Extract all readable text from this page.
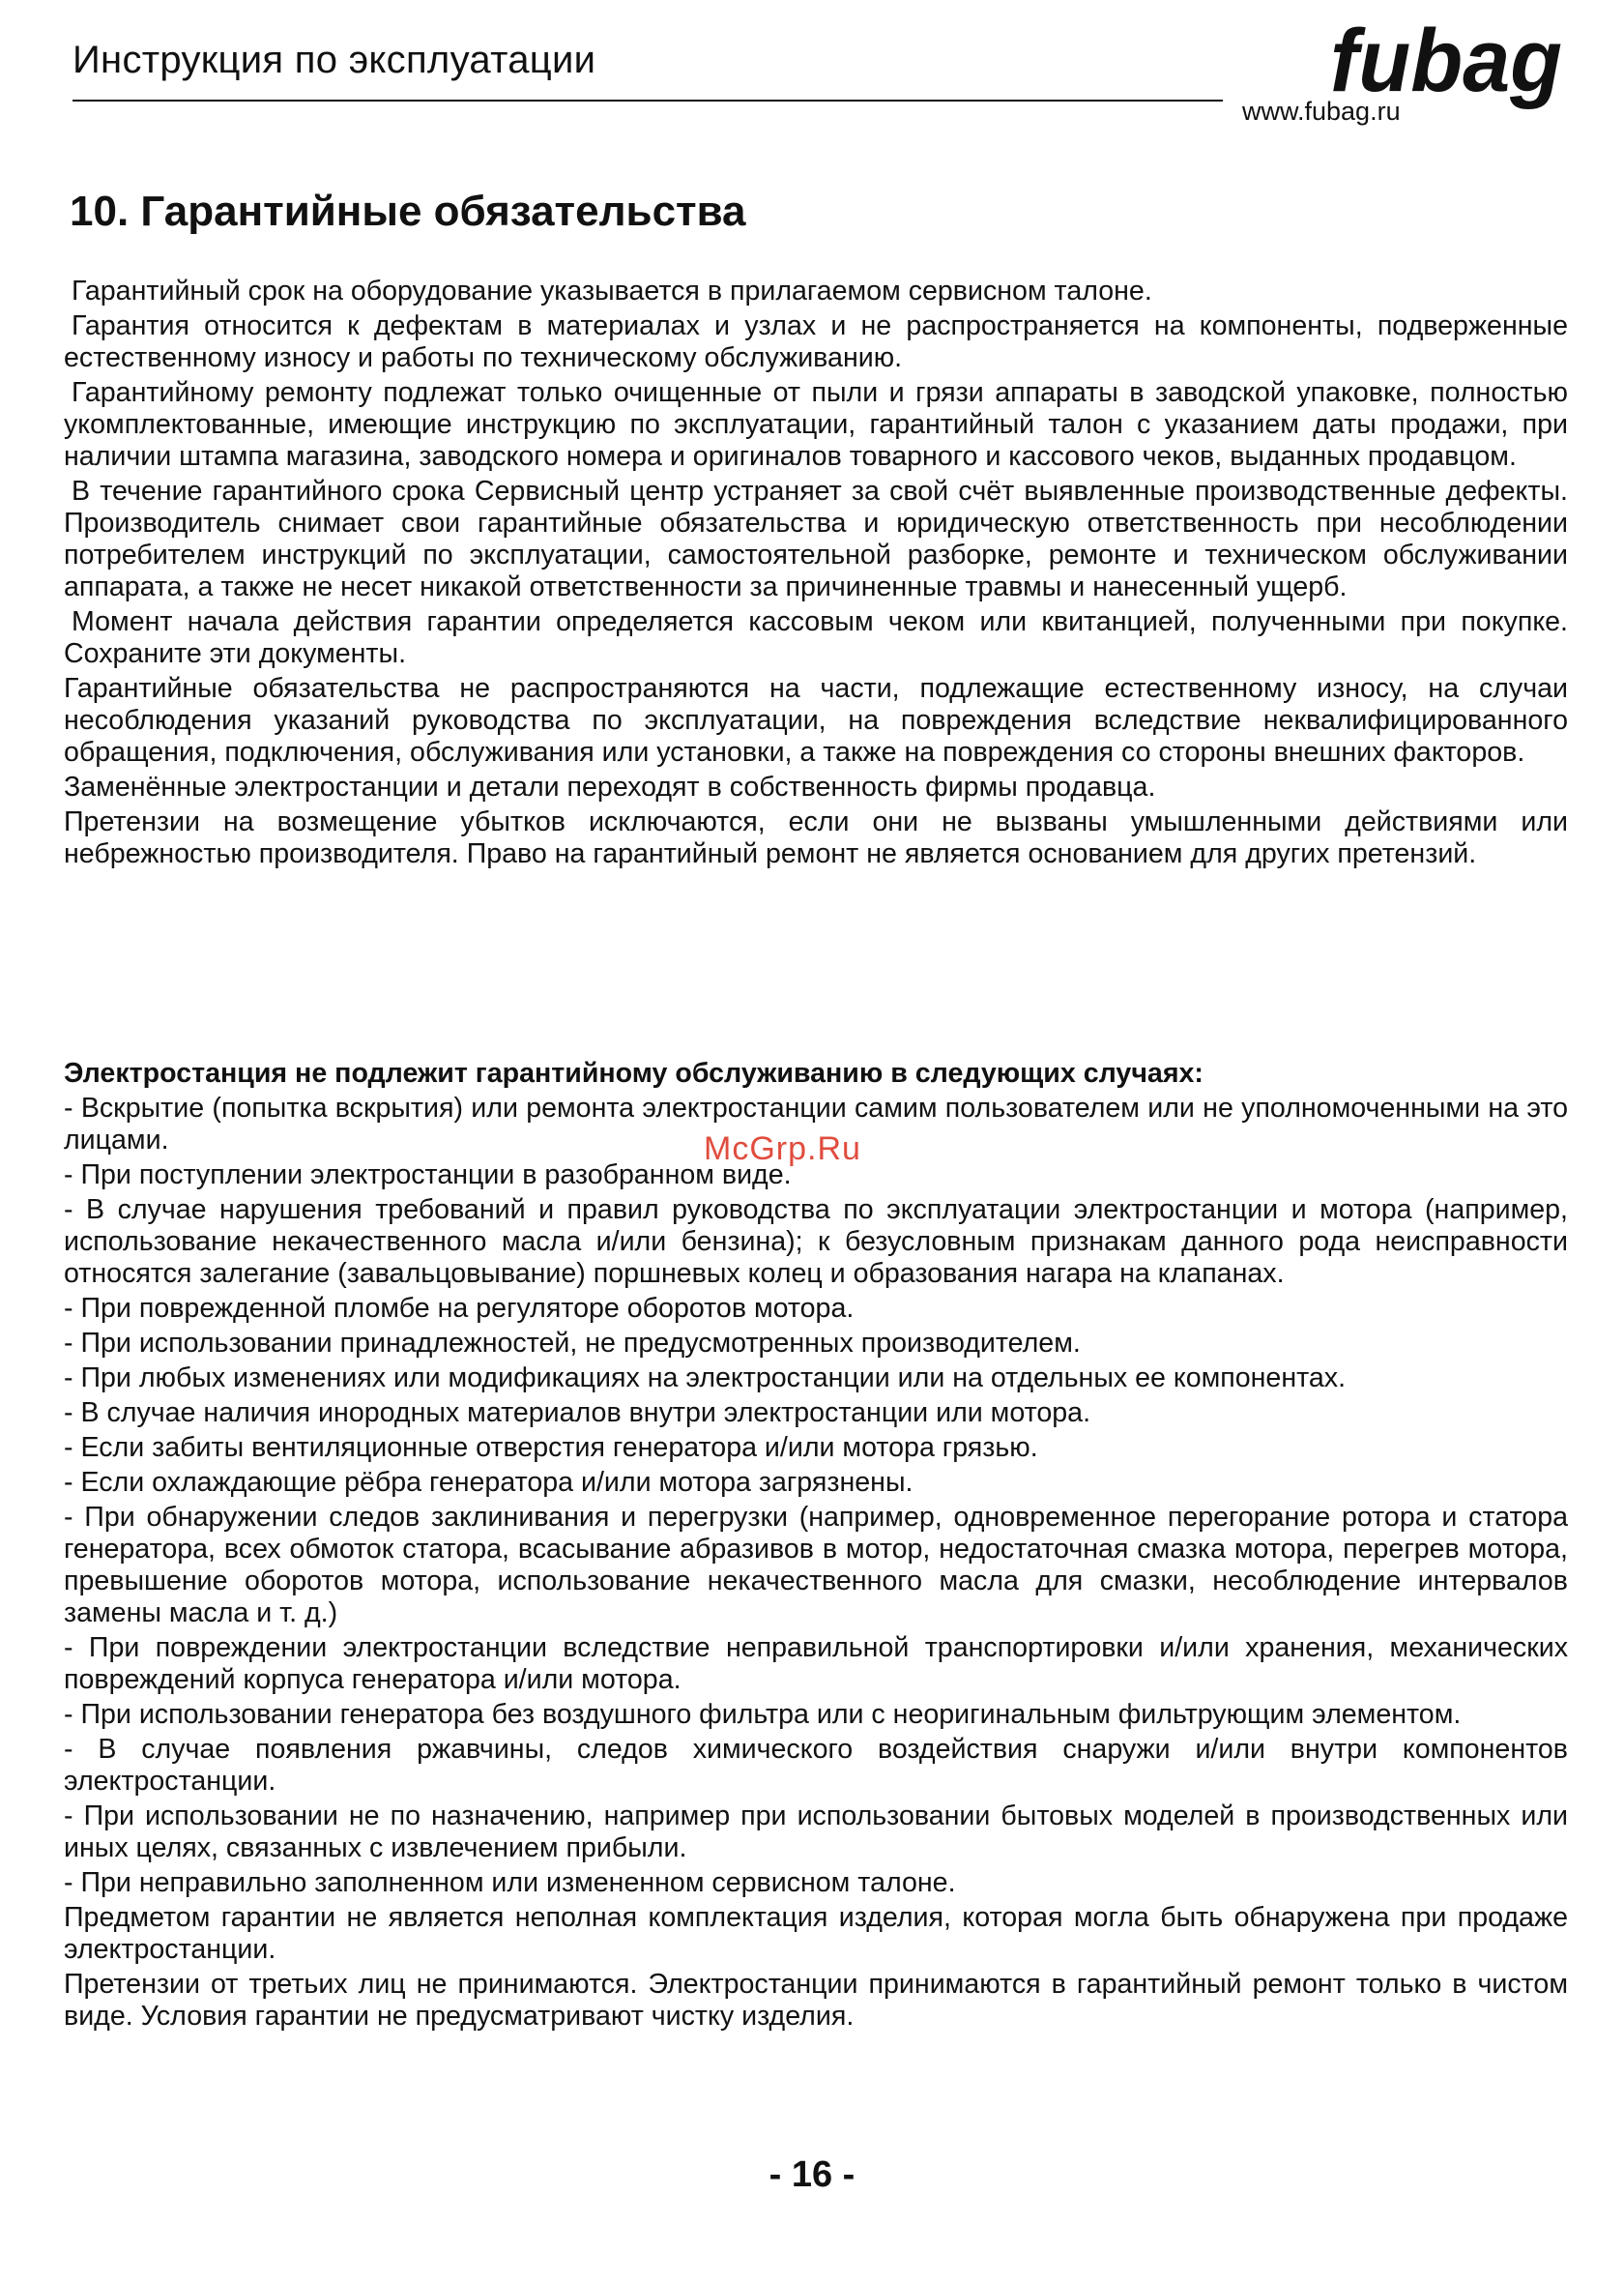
Инструкция по эксплуатации	fubag
www.fubag.ru
10. Гарантийные обязательства

Гарантийный срок на оборудование указывается в прилагаемом сервисном талоне.

Гарантия относится к дефектам в материалах и узлах и не распространяется на компоненты, подверженные естественному износу и работы по техническому обслуживанию.

Гарантийному ремонту подлежат только очищенные от пыли и грязи аппараты в заводской упаковке, полностью укомплектованные, имеющие инструкцию по эксплуатации, гарантийный талон с указанием даты продажи, при наличии штампа магазина, заводского номера и оригиналов товарного и кассового чеков, выданных продавцом.

В течение гарантийного срока Сервисный центр устраняет за свой счёт выявленные производственные дефекты. Производитель снимает свои гарантийные обязательства и юридическую ответственность при несоблюдении потребителем инструкций по эксплуатации, самостоятельной разборке, ремонте и техническом обслуживании аппарата, а также не несет никакой ответственности за причиненные травмы и нанесенный ущерб.

Момент начала действия гарантии определяется кассовым чеком или квитанцией, полученными при покупке. Сохраните эти документы.

Гарантийные обязательства не распространяются на части, подлежащие естественному износу, на случаи несоблюдения указаний руководства по эксплуатации, на повреждения вследствие неквалифицированного обращения, подключения, обслуживания или установки, а также на повреждения со стороны внешних факторов.

Заменённые электростанции и детали переходят в собственность фирмы продавца.

Претензии на возмещение убытков исключаются, если они не вызваны умышленными действиями или небрежностью производителя. Право на гарантийный ремонт не является основанием для других претензий.

Электростанция не подлежит гарантийному обслуживанию в следующих случаях:

- Вскрытие (попытка вскрытия) или ремонта электростанции самим пользователем или не уполномоченными на это лицами.

- При поступлении электростанции в разобранном виде.

- В случае нарушения требований и правил руководства по эксплуатации электростанции и мотора (например, использование некачественного масла и/или бензина); к безусловным признакам данного рода неисправности относятся залегание (завальцовывание) поршневых колец и образования нагара на клапанах.

- При поврежденной пломбе на регуляторе оборотов мотора.

- При использовании принадлежностей, не предусмотренных производителем.

- При любых изменениях или модификациях на электростанции или на отдельных ее компонентах.

- В случае наличия инородных материалов внутри электростанции или мотора.

- Если забиты вентиляционные отверстия генератора и/или мотора грязью.

- Если охлаждающие рёбра генератора и/или мотора загрязнены.

- При обнаружении следов заклинивания и перегрузки (например, одновременное перегорание ротора и статора генератора, всех обмоток статора, всасывание абразивов в мотор, недостаточная смазка мотора, перегрев мотора, превышение оборотов мотора, использование некачественного масла для смазки, несоблюдение интервалов замены масла и т. д.)

- При повреждении электростанции вследствие неправильной транспортировки и/или хранения, механических повреждений корпуса генератора и/или мотора.

- При использовании генератора без воздушного фильтра или с неоригинальным фильтрующим элементом.

- В случае появления ржавчины, следов химического воздействия снаружи и/или внутри компонентов электростанции.

- При использовании не по назначению, например при использовании бытовых моделей в производственных или иных целях, связанных с извлечением прибыли.

- При неправильно заполненном или измененном сервисном талоне.

Предметом гарантии не является неполная комплектация изделия, которая могла быть обнаружена при продаже электростанции.

Претензии от третьих лиц не принимаются. Электростанции принимаются в гарантийный ремонт только в чистом виде. Условия гарантии не предусматривают чистку изделия.

McGrp.Ru
- 16 -
